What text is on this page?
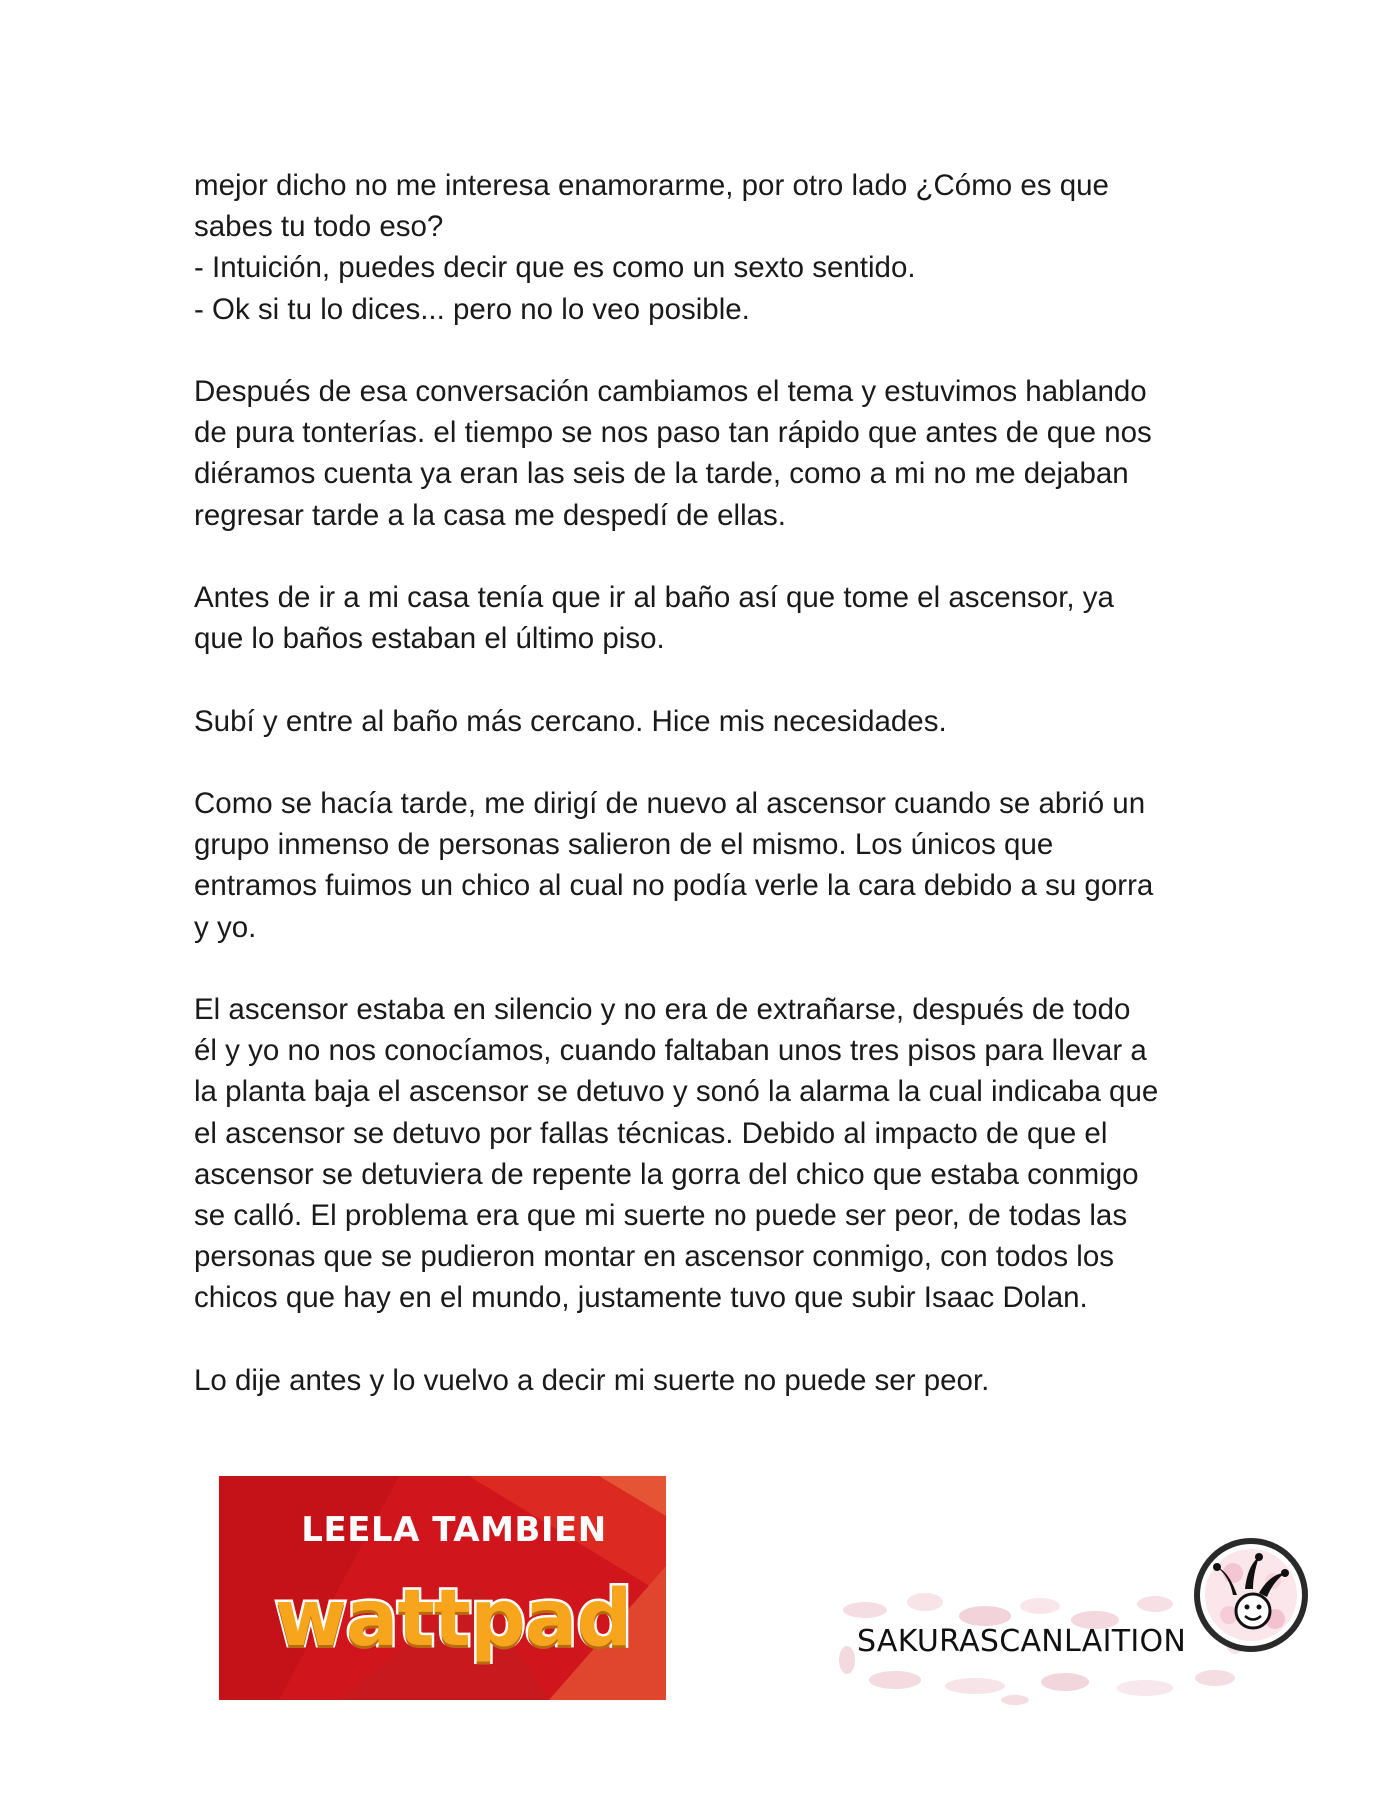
mejor dicho no me interesa enamorarme, por otro lado ¿Cómo es que
sabes tu todo eso?
- Intuición, puedes decir que es como un sexto sentido.
- Ok si tu lo dices... pero no lo veo posible.

Después de esa conversación cambiamos el tema y estuvimos hablando
de pura tonterías. el tiempo se nos paso tan rápido que antes de que nos
diéramos cuenta ya eran las seis de la tarde, como a mi no me dejaban
regresar tarde a la casa me despedí de ellas.

Antes de ir a mi casa tenía que ir al baño así que tome el ascensor, ya
que lo baños estaban el último piso.

Subí y entre al baño más cercano. Hice mis necesidades.

Como se hacía tarde, me dirigí de nuevo al ascensor cuando se abrió un
grupo inmenso de personas salieron de el mismo. Los únicos que
entramos fuimos un chico al cual no podía verle la cara debido a su gorra
y yo.

El ascensor estaba en silencio y no era de extrañarse, después de todo
él y yo no nos conocíamos, cuando faltaban unos tres pisos para llevar a
la planta baja el ascensor se detuvo y sonó la alarma la cual indicaba que
el ascensor se detuvo por fallas técnicas. Debido al impacto de que el
ascensor se detuviera de repente la gorra del chico que estaba conmigo
se calló. El problema era que mi suerte no puede ser peor, de todas las
personas que se pudieron montar en ascensor conmigo, con todos los
chicos que hay en el mundo, justamente tuvo que subir Isaac Dolan.

Lo dije antes y lo vuelvo a decir mi suerte no puede ser peor.

LEELA TAMBIEN
wattpad	SAKURASCANLAITION
